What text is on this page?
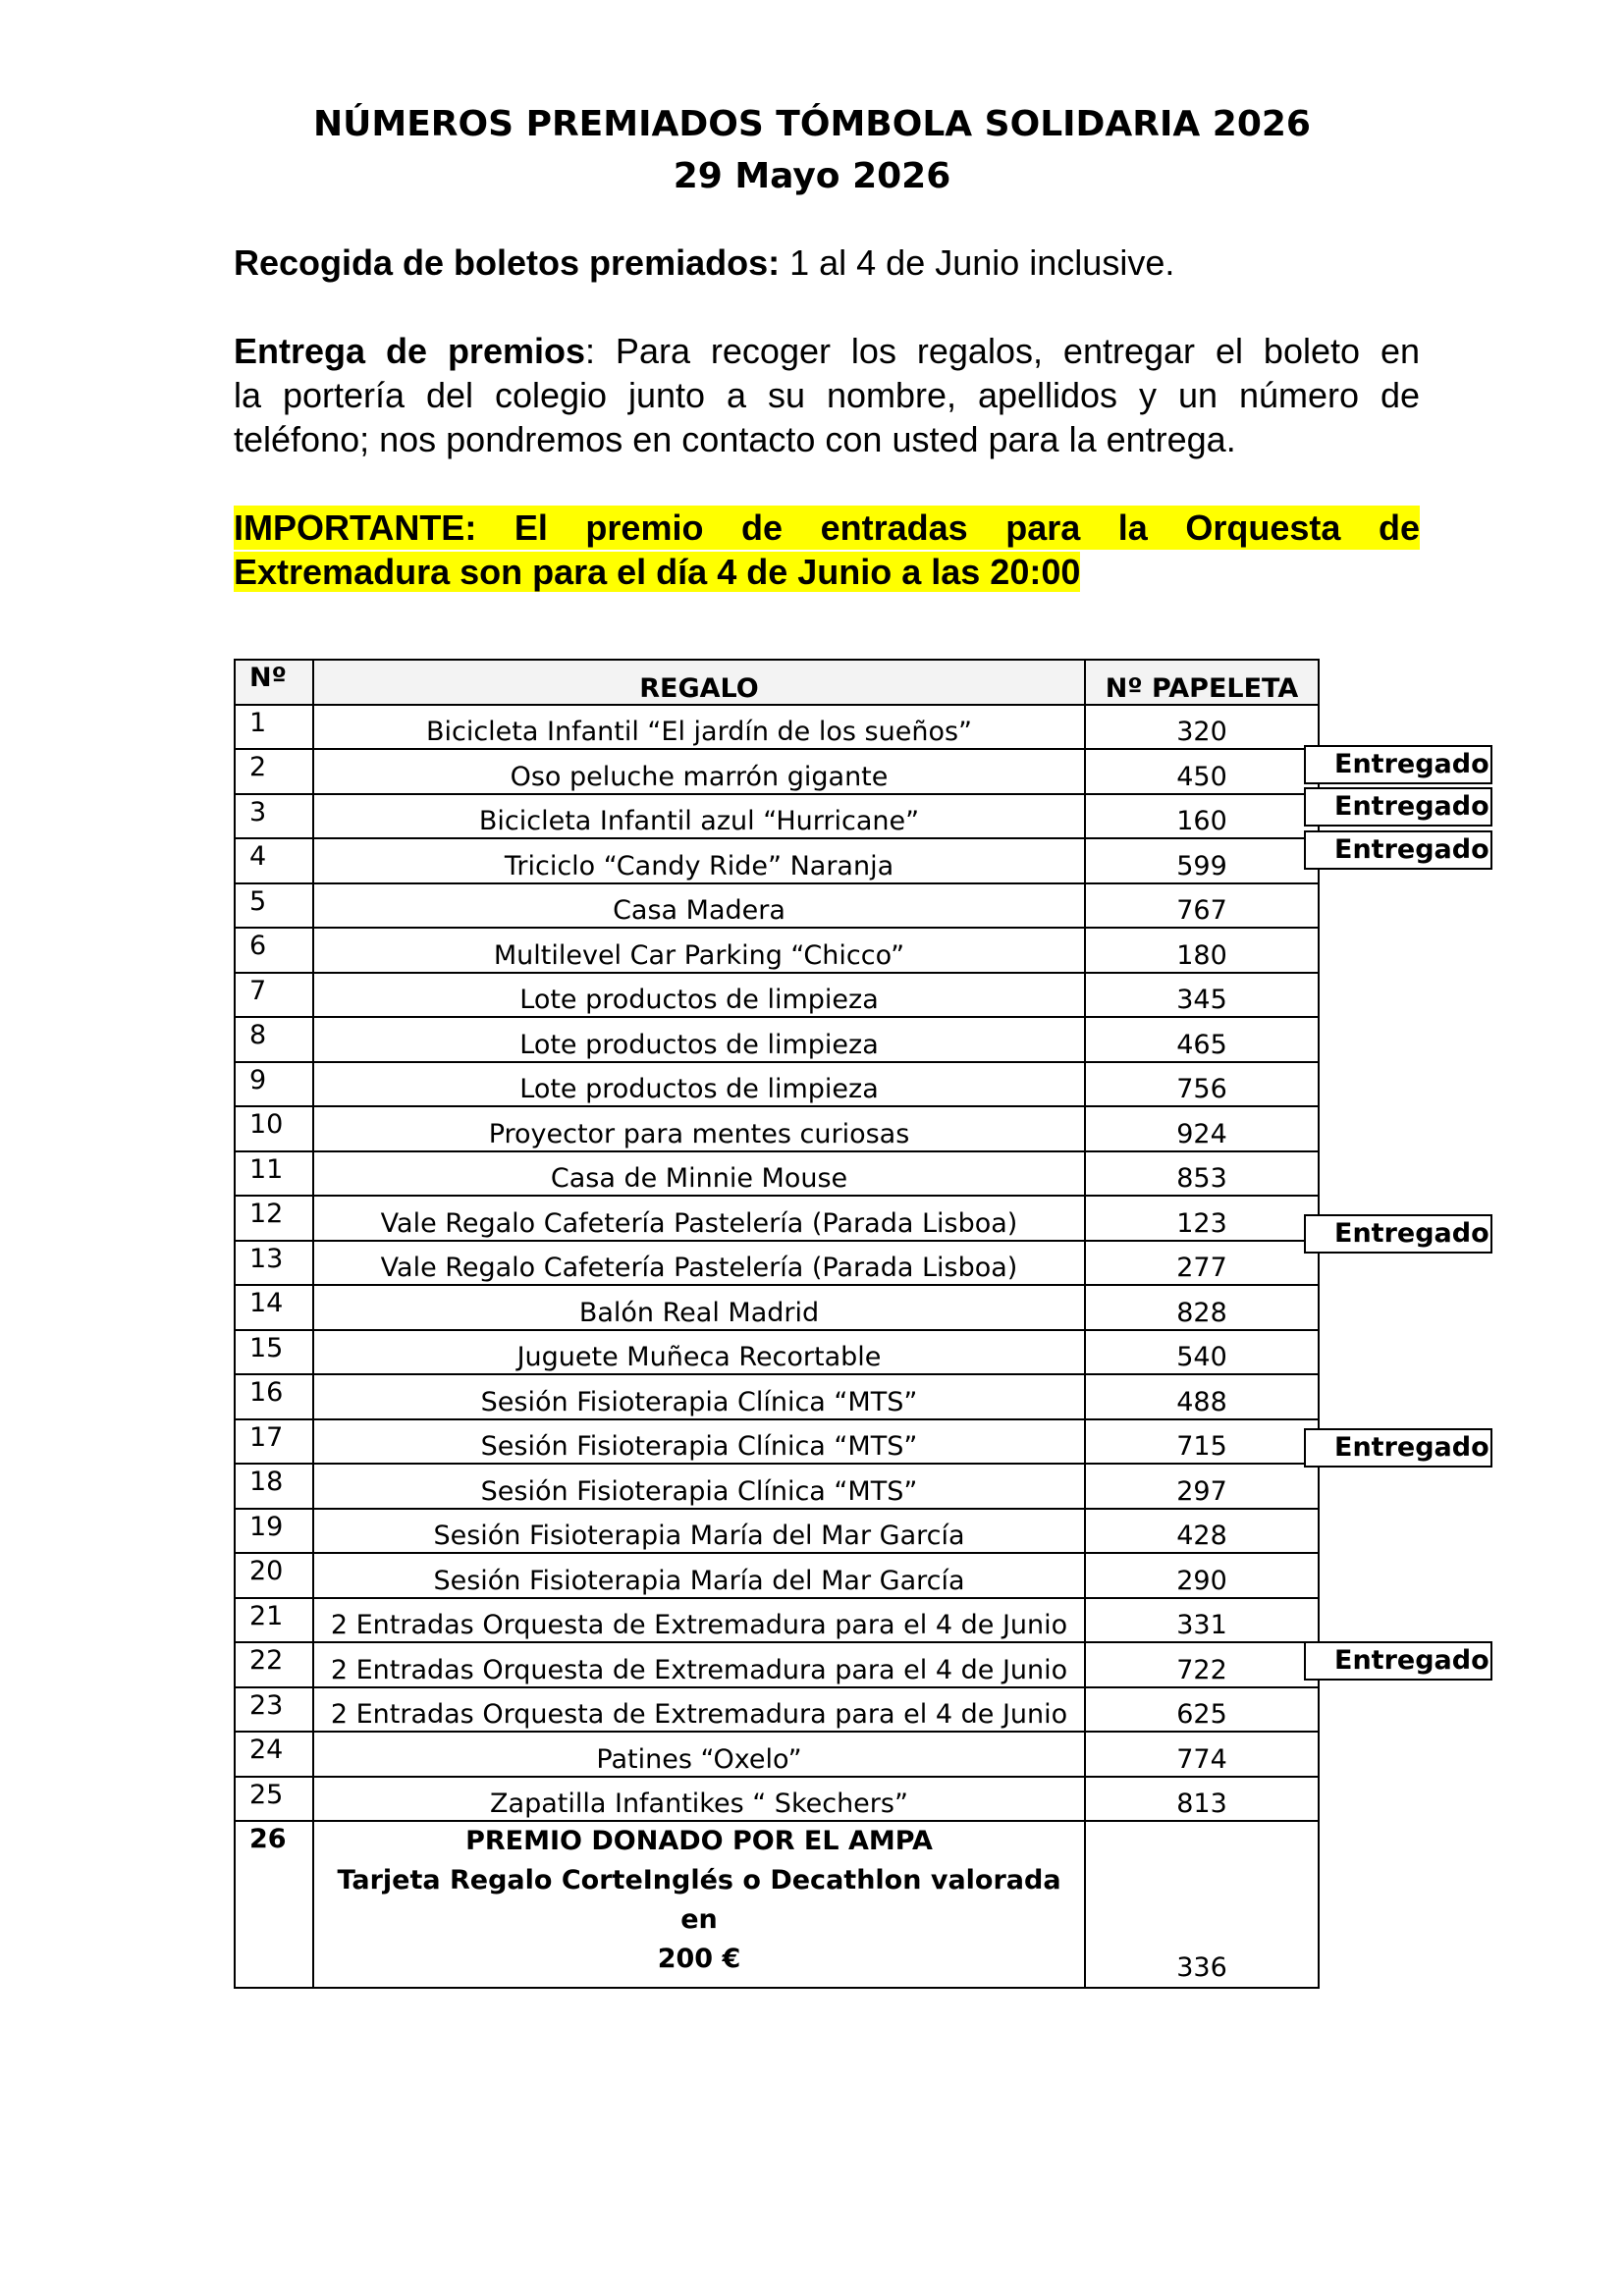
NÚMEROS PREMIADOS TÓMBOLA SOLIDARIA 2026
29 Mayo 2026
Recogida de boletos premiados: 1 al 4 de Junio inclusive.
Entrega de premios: Para recoger los regalos, entregar el boleto en
la portería del colegio junto a su nombre, apellidos y un número de
teléfono; nos pondremos en contacto con usted para la entrega.
IMPORTANTE: El premio de entradas para la Orquesta de
Extremadura son para el día 4 de Junio a las 20:00
Nº	REGALO	Nº PAPELETA
1	Bicicleta Infantil “El jardín de los sueños”	320
2	Oso peluche marrón gigante	450
3	Bicicleta Infantil azul “Hurricane”	160
4	Triciclo “Candy Ride” Naranja	599
5	Casa Madera	767
6	Multilevel Car Parking “Chicco”	180
7	Lote productos de limpieza	345
8	Lote productos de limpieza	465
9	Lote productos de limpieza	756
10	Proyector para mentes curiosas	924
11	Casa de Minnie Mouse	853
12	Vale Regalo Cafetería Pastelería (Parada Lisboa)	123
13	Vale Regalo Cafetería Pastelería (Parada Lisboa)	277
14	Balón Real Madrid	828
15	Juguete Muñeca Recortable	540
16	Sesión Fisioterapia Clínica “MTS”	488
17	Sesión Fisioterapia Clínica “MTS”	715
18	Sesión Fisioterapia Clínica “MTS”	297
19	Sesión Fisioterapia María del Mar García	428
20	Sesión Fisioterapia María del Mar García	290
21	2 Entradas Orquesta de Extremadura para el 4 de Junio	331
22	2 Entradas Orquesta de Extremadura para el 4 de Junio	722
23	2 Entradas Orquesta de Extremadura para el 4 de Junio	625
24	Patines “Oxelo”	774
25	Zapatilla Infantikes “ Skechers”	813
26	PREMIO DONADO POR EL AMPA
Tarjeta Regalo CorteInglés o Decathlon valorada en
200 €	336
Entregado
Entregado
Entregado
Entregado
Entregado
Entregado
